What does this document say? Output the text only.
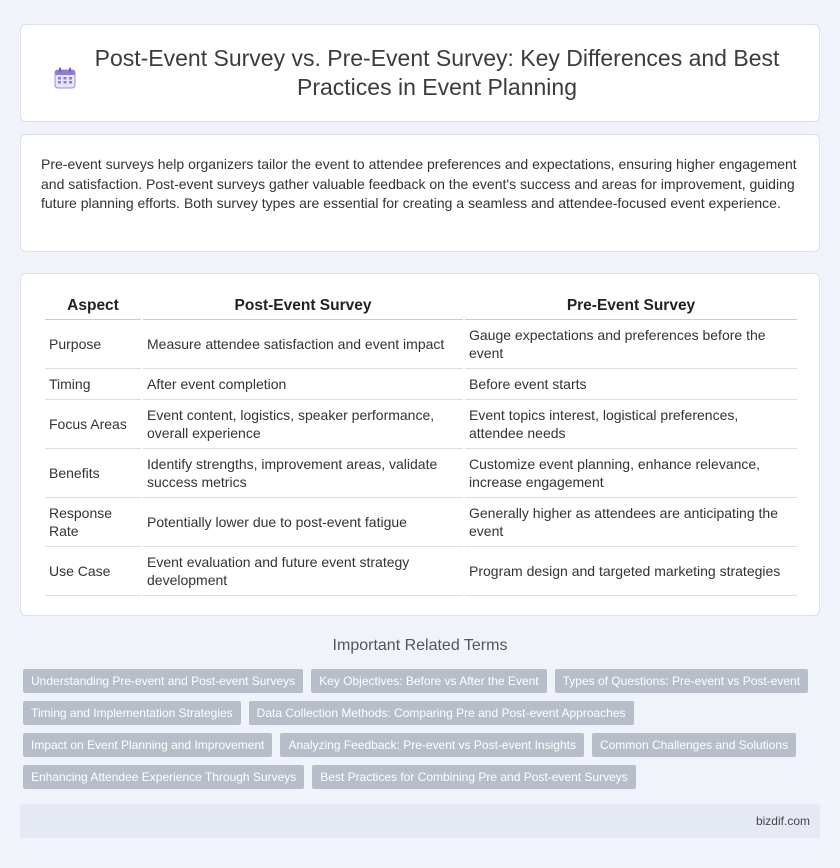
Post-Event Survey vs. Pre-Event Survey: Key Differences and Best Practices in Event Planning

Pre-event surveys help organizers tailor the event to attendee preferences and expectations, ensuring higher engagement and satisfaction. Post-event surveys gather valuable feedback on the event's success and areas for improvement, guiding future planning efforts. Both survey types are essential for creating a seamless and attendee-focused event experience.

Aspect	Post-Event Survey	Pre-Event Survey
Purpose	Measure attendee satisfaction and event impact	Gauge expectations and preferences before the event
Timing	After event completion	Before event starts
Focus Areas	Event content, logistics, speaker performance, overall experience	Event topics interest, logistical preferences, attendee needs
Benefits	Identify strengths, improvement areas, validate success metrics	Customize event planning, enhance relevance, increase engagement
Response Rate	Potentially lower due to post-event fatigue	Generally higher as attendees are anticipating the event
Use Case	Event evaluation and future event strategy development	Program design and targeted marketing strategies
Important Related Terms
Understanding Pre-event and Post-event Surveys	Key Objectives: Before vs After the Event	Types of Questions: Pre-event vs Post-event
Timing and Implementation Strategies	Data Collection Methods: Comparing Pre and Post-event Approaches
Impact on Event Planning and Improvement	Analyzing Feedback: Pre-event vs Post-event Insights	Common Challenges and Solutions
Enhancing Attendee Experience Through Surveys	Best Practices for Combining Pre and Post-event Surveys
bizdif.com
